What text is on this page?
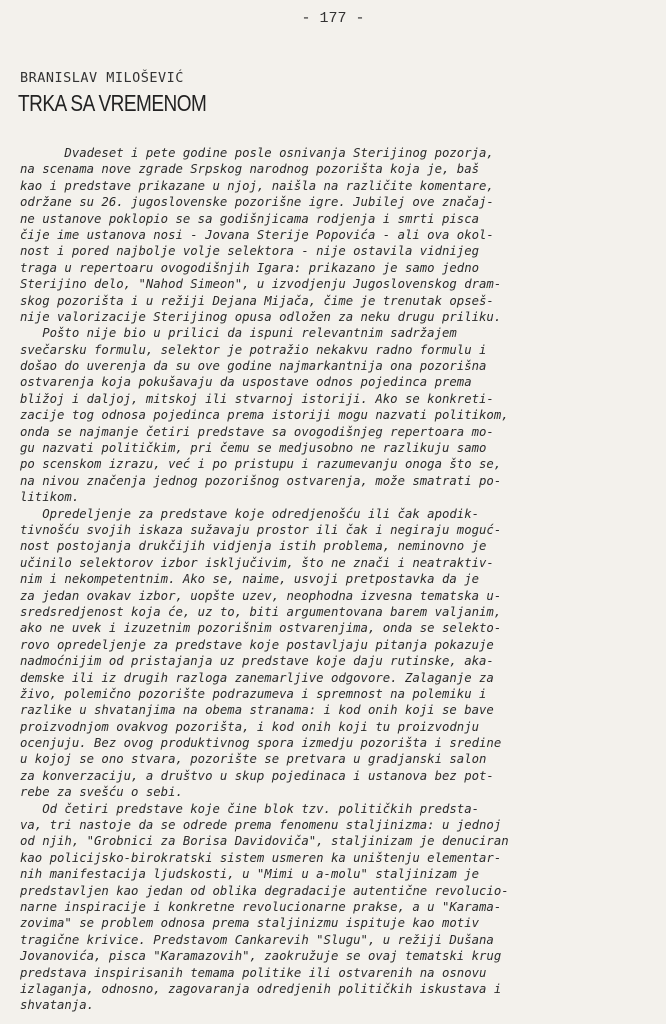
- 177 -
BRANISLAV MILOŠEVIĆ
TRKA SA VREMENOM
Dvadeset i pete godine posle osnivanja Sterijinog pozorja,
na scenama nove zgrade Srpskog narodnog pozorišta koja je, baš
kao i predstave prikazane u njoj, naišla na različite komentare,
održane su 26. jugoslovenske pozorišne igre. Jubilej ove značaj-
ne ustanove poklopio se sa godišnjicama rodjenja i smrti pisca
čije ime ustanova nosi - Jovana Sterije Popovića - ali ova okol-
nost i pored najbolje volje selektora - nije ostavila vidnijeg
traga u repertoaru ovogodišnjih Igara: prikazano je samo jedno
Sterijino delo, "Nahod Simeon", u izvodjenju Jugoslovenskog dram-
skog pozorišta i u režiji Dejana Mijača, čime je trenutak opseš-
nije valorizacije Sterijinog opusa odložen za neku drugu priliku.
Pošto nije bio u prilici da ispuni relevantnim sadržajem
svečarsku formulu, selektor je potražio nekakvu radno formulu i
došao do uverenja da su ove godine najmarkantnija ona pozorišna
ostvarenja koja pokušavaju da uspostave odnos pojedinca prema
bližoj i daljoj, mitskoj ili stvarnoj istoriji. Ako se konkreti-
zacije tog odnosa pojedinca prema istoriji mogu nazvati politikom,
onda se najmanje četiri predstave sa ovogodišnjeg repertoara mo-
gu nazvati političkim, pri čemu se medjusobno ne razlikuju samo
po scenskom izrazu, već i po pristupu i razumevanju onoga što se,
na nivou značenja jednog pozorišnog ostvarenja, može smatrati po-
litikom.
Opredeljenje za predstave koje odredjenošću ili čak apodik-
tivnošću svojih iskaza sužavaju prostor ili čak i negiraju moguć-
nost postojanja drukčijih vidjenja istih problema, neminovno je
učinilo selektorov izbor isključivim, što ne znači i neatraktiv-
nim i nekompetentnim. Ako se, naime, usvoji pretpostavka da je
za jedan ovakav izbor, uopšte uzev, neophodna izvesna tematska u-
sredsredjenost koja će, uz to, biti argumentovana barem valjanim,
ako ne uvek i izuzetnim pozorišnim ostvarenjima, onda se selekto-
rovo opredeljenje za predstave koje postavljaju pitanja pokazuje
nadmoćnijim od pristajanja uz predstave koje daju rutinske, aka-
demske ili iz drugih razloga zanemarljive odgovore. Zalaganje za
živo, polemično pozorište podrazumeva i spremnost na polemiku i
razlike u shvatanjima na obema stranama: i kod onih koji se bave
proizvodnjom ovakvog pozorišta, i kod onih koji tu proizvodnju
ocenjuju. Bez ovog produktivnog spora izmedju pozorišta i sredine
u kojoj se ono stvara, pozorište se pretvara u gradjanski salon
za konverzaciju, a društvo u skup pojedinaca i ustanova bez pot-
rebe za svešću o sebi.
Od četiri predstave koje čine blok tzv. političkih predsta-
va, tri nastoje da se odrede prema fenomenu staljinizma: u jednoj
od njih, "Grobnici za Borisa Davidoviča", staljinizam je denuciran
kao policijsko-birokratski sistem usmeren ka uništenju elementar-
nih manifestacija ljudskosti, u "Mimi u a-molu" staljinizam je
predstavljen kao jedan od oblika degradacije autentične revolucio-
narne inspiracije i konkretne revolucionarne prakse, a u "Karama-
zovima" se problem odnosa prema staljinizmu ispituje kao motiv
tragične krivice. Predstavom Cankarevih "Slugu", u režiji Dušana
Jovanovića, pisca "Karamazovih", zaokružuje se ovaj tematski krug
predstava inspirisanih temama politike ili ostvarenih na osnovu
izlaganja, odnosno, zagovaranja odredjenih političkih iskustava i
shvatanja.
